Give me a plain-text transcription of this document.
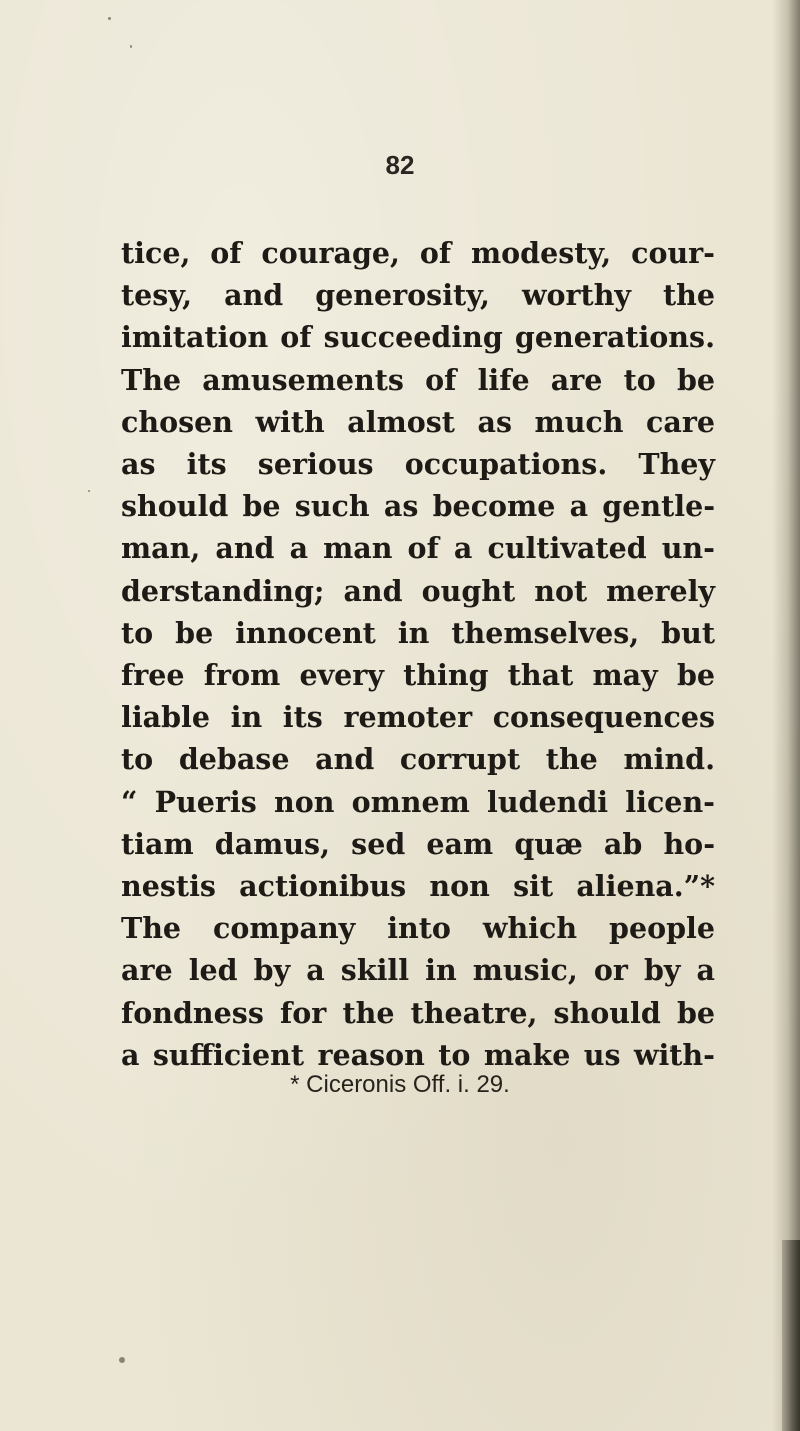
82
tice, of courage, of modesty, cour-
tesy, and generosity, worthy the
imitation of succeeding generations.
The amusements of life are to be
chosen with almost as much care
as its serious occupations. They
should be such as become a gentle-
man, and a man of a cultivated un-
derstanding; and ought not merely
to be innocent in themselves, but
free from every thing that may be
liable in its remoter consequences
to debase and corrupt the mind.
“ Pueris non omnem ludendi licen-
tiam damus, sed eam quæ ab ho-
nestis actionibus non sit aliena.”*
The company into which people
are led by a skill in music, or by a
fondness for the theatre, should be
a sufficient reason to make us with-
* Ciceronis Off. i. 29.
